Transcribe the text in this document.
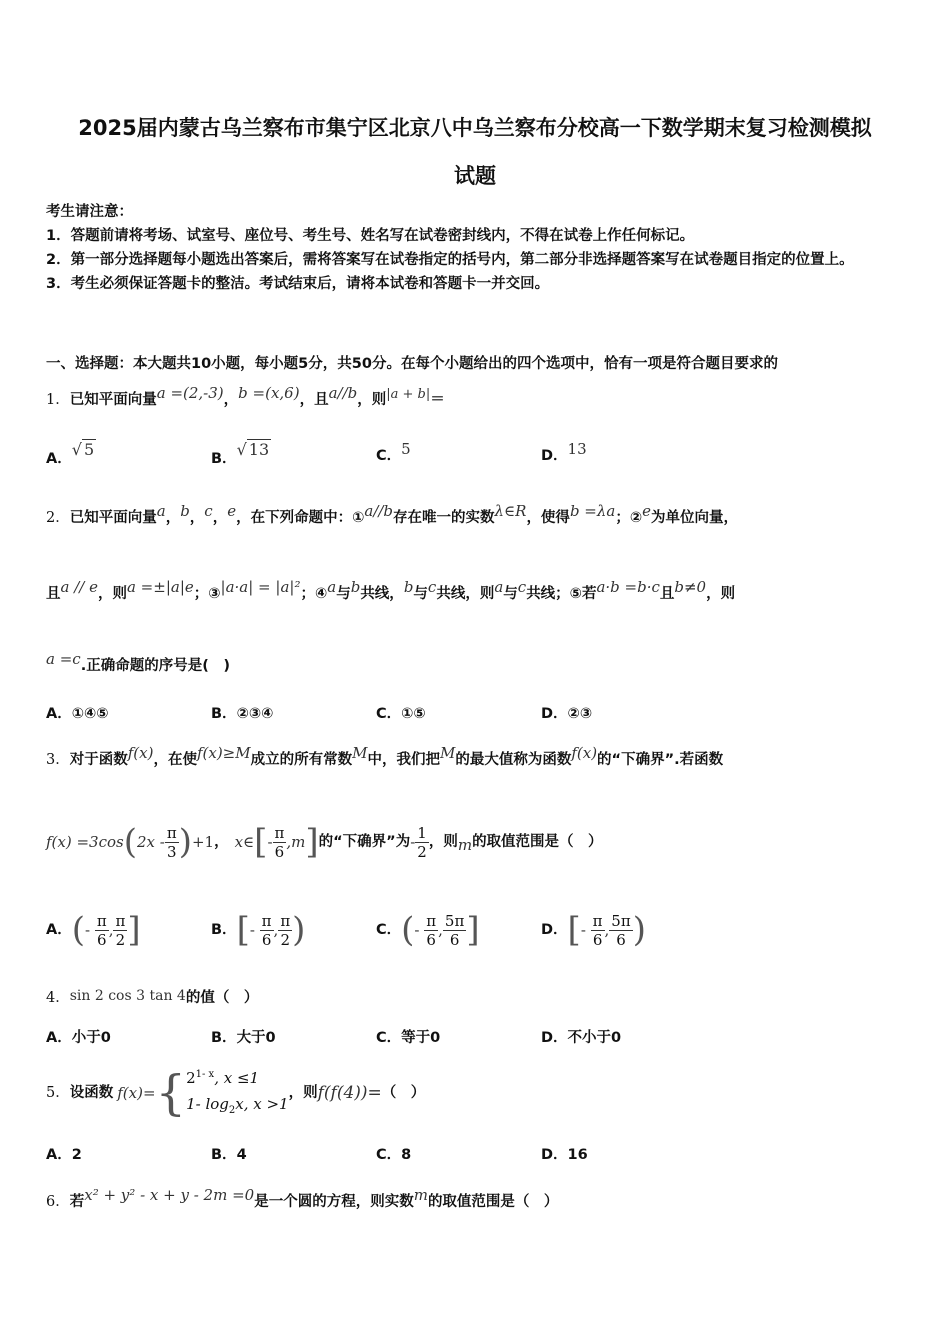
2025届内蒙古乌兰察布市集宁区北京八中乌兰察布分校高一下数学期末复习检测模拟
试题
考生请注意：
1．答题前请将考场、试室号、座位号、考生号、姓名写在试卷密封线内，不得在试卷上作任何标记。
2．第一部分选择题每小题选出答案后，需将答案写在试卷指定的括号内，第二部分非选择题答案写在试卷题目指定的位置上。
3．考生必须保证答题卡的整洁。考试结束后，请将本试卷和答题卡一并交回。
一、选择题：本大题共10小题，每小题5分，共50分。在每个小题给出的四个选项中，恰有一项是符合题目要求的
1．已知平面向量a =(2,-3)，b =(x,6)，且a//b，则|a + b|＝
A．√ 5	B．√ 13	C．5	D．13
2．已知平面向量a，b，c，e，在下列命题中：①a//b存在唯一的实数λ∈R，使得b =λa；②e为单位向量，
且a // e，则a =±|a|e；③|a·a| = |a|²；④a与b共线，b与c共线，则a与c共线；⑤若a·b =b·c且b≠0，则
a =c.正确命题的序号是(　)
A．①④⑤	B．②③④	C．①⑤	D．②③
3．对于函数f(x)，在使f(x)≥M成立的所有常数M中，我们把M的最大值称为函数f(x)的“下确界”.若函数
$f(x) =3\cos(2x - \frac{\pi}{3} )+1$， x∈[- $\frac{\pi}{6} ,m$]的“下确界”为- $\frac{1}{2}$ ，则m的取值范围是（　）
A．(- $\frac{\pi}{6}$ , $\frac{\pi}{2}$ ]	B．[- $\frac{\pi}{6}$ , $\frac{\pi}{2}$ )	C．(- $\frac{\pi}{6}$ , $\frac{5\pi}{6}$ ]	D．[- $\frac{\pi}{6}$ , $\frac{5\pi}{6}$ )
4．sin 2 cos 3 tan 4的值（　）
A．小于0	B．大于0	C．等于0	D．不小于0
5．设函数 f(x)={ 2$^{1- x}$, x ≤1
1- $\log_2x$, x >1
，则f(f(4))=（　）
A．2	B．4	C．8	D．16
6．若x² + y² - x + y - 2m =0是一个圆的方程，则实数m的取值范围是（　）
